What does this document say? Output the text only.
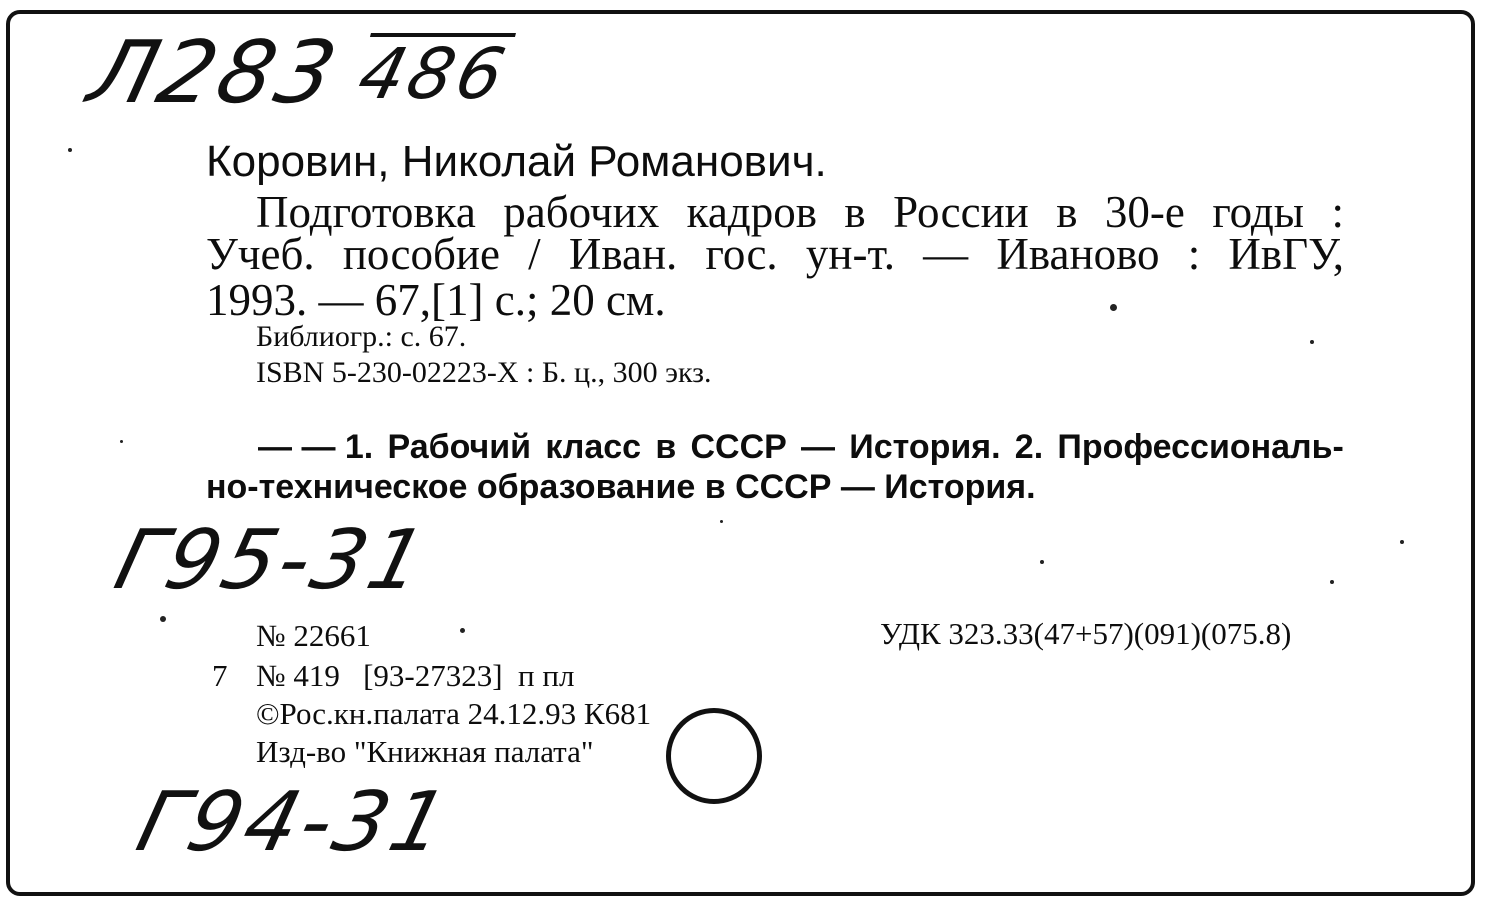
Л283486
Г95-31
Г94-31
Коровин, Николай Романович.
Подготовка рабочих кадров в России в 30-е годы :
Учеб. пособие / Иван. гос. ун-т. — Иваново : ИвГУ,
1993. — 67,[1] с.; 20 см.
Библиогр.: с. 67.
ISBN 5-230-02223-X : Б. ц., 300 экз.
— — 1. Рабочий класс в СССР — История. 2. Профессиональ-
но-техническое образование в СССР — История.
№ 22661	УДК 323.33(47+57)(091)(075.8)
7 № 419   [93-27323]  п пл
©Рос.кн.палата 24.12.93 К681
Изд-во "Книжная палата"
